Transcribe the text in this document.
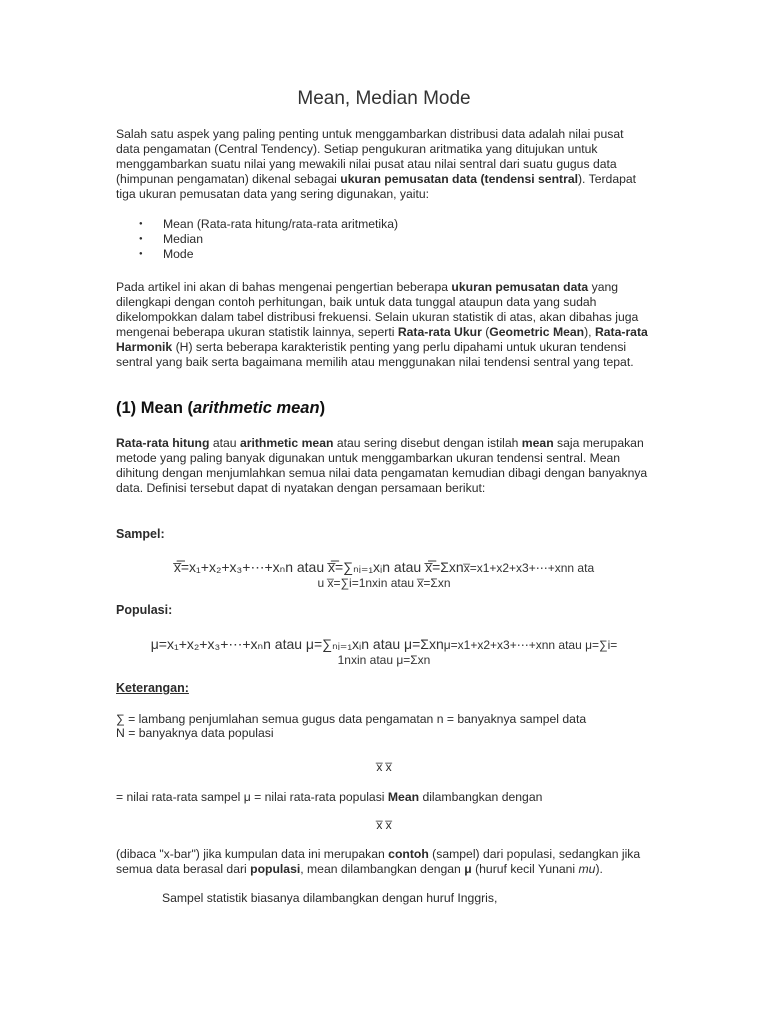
Mean, Median Mode

Salah satu aspek yang paling penting untuk menggambarkan distribusi data adalah nilai pusat data pengamatan (Central Tendency). Setiap pengukuran aritmatika yang ditujukan untuk menggambarkan suatu nilai yang mewakili nilai pusat atau nilai sentral dari suatu gugus data (himpunan pengamatan) dikenal sebagai ukuran pemusatan data (tendensi sentral). Terdapat tiga ukuran pemusatan data yang sering digunakan, yaitu:

● Mean (Rata-rata hitung/rata-rata aritmetika)
● Median
● Mode

Pada artikel ini akan di bahas mengenai pengertian beberapa ukuran pemusatan data yang dilengkapi dengan contoh perhitungan, baik untuk data tunggal ataupun data yang sudah dikelompokkan dalam tabel distribusi frekuensi. Selain ukuran statistik di atas, akan dibahas juga mengenai beberapa ukuran statistik lainnya, seperti Rata-rata Ukur (Geometric Mean), Rata-rata Harmonik (H) serta beberapa karakteristik penting yang perlu dipahami untuk ukuran tendensi sentral yang baik serta bagaimana memilih atau menggunakan nilai tendensi sentral yang tepat.

(1) Mean (arithmetic mean)

Rata-rata hitung atau arithmetic mean atau sering disebut dengan istilah mean saja merupakan metode yang paling banyak digunakan untuk menggambarkan ukuran tendensi sentral. Mean dihitung dengan menjumlahkan semua nilai data pengamatan kemudian dibagi dengan banyaknya data. Definisi tersebut dapat di nyatakan dengan persamaan berikut:

Sampel:
x̅̅̅=x₁+x₂+x₃+⋯+xₙn atau x̅̅̅=∑ₙᵢ₌₁xᵢn atau x̅̅̅=Σxnx̅=x1+x2+x3+⋯+xnn ata
u x̅=∑i=1nxin atau x̅=Σxn
Populasi:
μ=x₁+x₂+x₃+⋯+xₙn atau μ=∑ₙᵢ₌₁xᵢn atau μ=Σxnμ=x1+x2+x3+⋯+xnn atau μ=∑i=
1nxin atau μ=Σxn
Keterangan:

∑ = lambang penjumlahan semua gugus data pengamatan n = banyaknya sampel data

N = banyaknya data populasi

x̅ x̅

= nilai rata-rata sampel μ = nilai rata-rata populasi Mean dilambangkan dengan

x̅ x̅

(dibaca "x-bar") jika kumpulan data ini merupakan contoh (sampel) dari populasi, sedangkan jika semua data berasal dari populasi, mean dilambangkan dengan μ (huruf kecil Yunani mu).

Sampel statistik biasanya dilambangkan dengan huruf Inggris,
